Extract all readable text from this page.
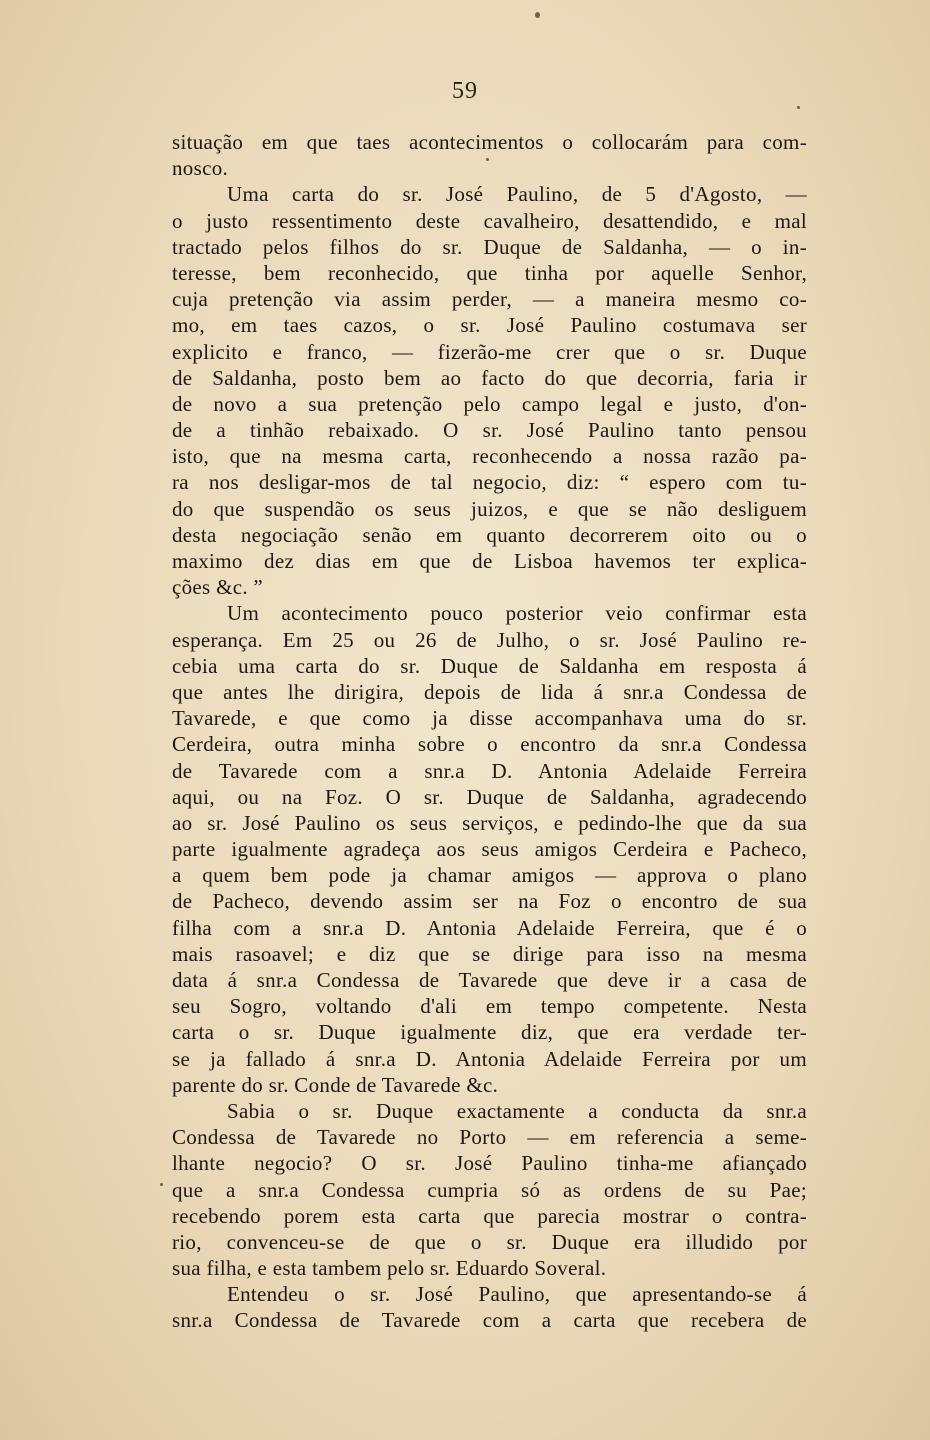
59
situação em que taes acontecimentos o collocarám para com-
nosco.
Uma carta do sr. José Paulino, de 5 d'Agosto, —
o justo ressentimento deste cavalheiro, desattendido, e mal
tractado pelos filhos do sr. Duque de Saldanha, — o in-
teresse, bem reconhecido, que tinha por aquelle Senhor,
cuja pretenção via assim perder, — a maneira mesmo co-
mo, em taes cazos, o sr. José Paulino costumava ser
explicito e franco, — fizerão-me crer que o sr. Duque
de Saldanha, posto bem ao facto do que decorria, faria ir
de novo a sua pretenção pelo campo legal e justo, d'on-
de a tinhão rebaixado. O sr. José Paulino tanto pensou
isto, que na mesma carta, reconhecendo a nossa razão pa-
ra nos desligar-mos de tal negocio, diz: “ espero com tu-
do que suspendão os seus juizos, e que se não desliguem
desta negociação senão em quanto decorrerem oito ou o
maximo dez dias em que de Lisboa havemos ter explica-
ções &c. ”
Um acontecimento pouco posterior veio confirmar esta
esperança. Em 25 ou 26 de Julho, o sr. José Paulino re-
cebia uma carta do sr. Duque de Saldanha em resposta á
que antes lhe dirigira, depois de lida á snr.a Condessa de
Tavarede, e que como ja disse accompanhava uma do sr.
Cerdeira, outra minha sobre o encontro da snr.a Condessa
de Tavarede com a snr.a D. Antonia Adelaide Ferreira
aqui, ou na Foz. O sr. Duque de Saldanha, agradecendo
ao sr. José Paulino os seus serviços, e pedindo-lhe que da sua
parte igualmente agradeça aos seus amigos Cerdeira e Pacheco,
a quem bem pode ja chamar amigos — approva o plano
de Pacheco, devendo assim ser na Foz o encontro de sua
filha com a snr.a D. Antonia Adelaide Ferreira, que é o
mais rasoavel; e diz que se dirige para isso na mesma
data á snr.a Condessa de Tavarede que deve ir a casa de
seu Sogro, voltando d'ali em tempo competente. Nesta
carta o sr. Duque igualmente diz, que era verdade ter-
se ja fallado á snr.a D. Antonia Adelaide Ferreira por um
parente do sr. Conde de Tavarede &c.
Sabia o sr. Duque exactamente a conducta da snr.a
Condessa de Tavarede no Porto — em referencia a seme-
lhante negocio? O sr. José Paulino tinha-me afiançado
que a snr.a Condessa cumpria só as ordens de su Pae;
recebendo porem esta carta que parecia mostrar o contra-
rio, convenceu-se de que o sr. Duque era illudido por
sua filha, e esta tambem pelo sr. Eduardo Soveral.
Entendeu o sr. José Paulino, que apresentando-se á
snr.a Condessa de Tavarede com a carta que recebera de
